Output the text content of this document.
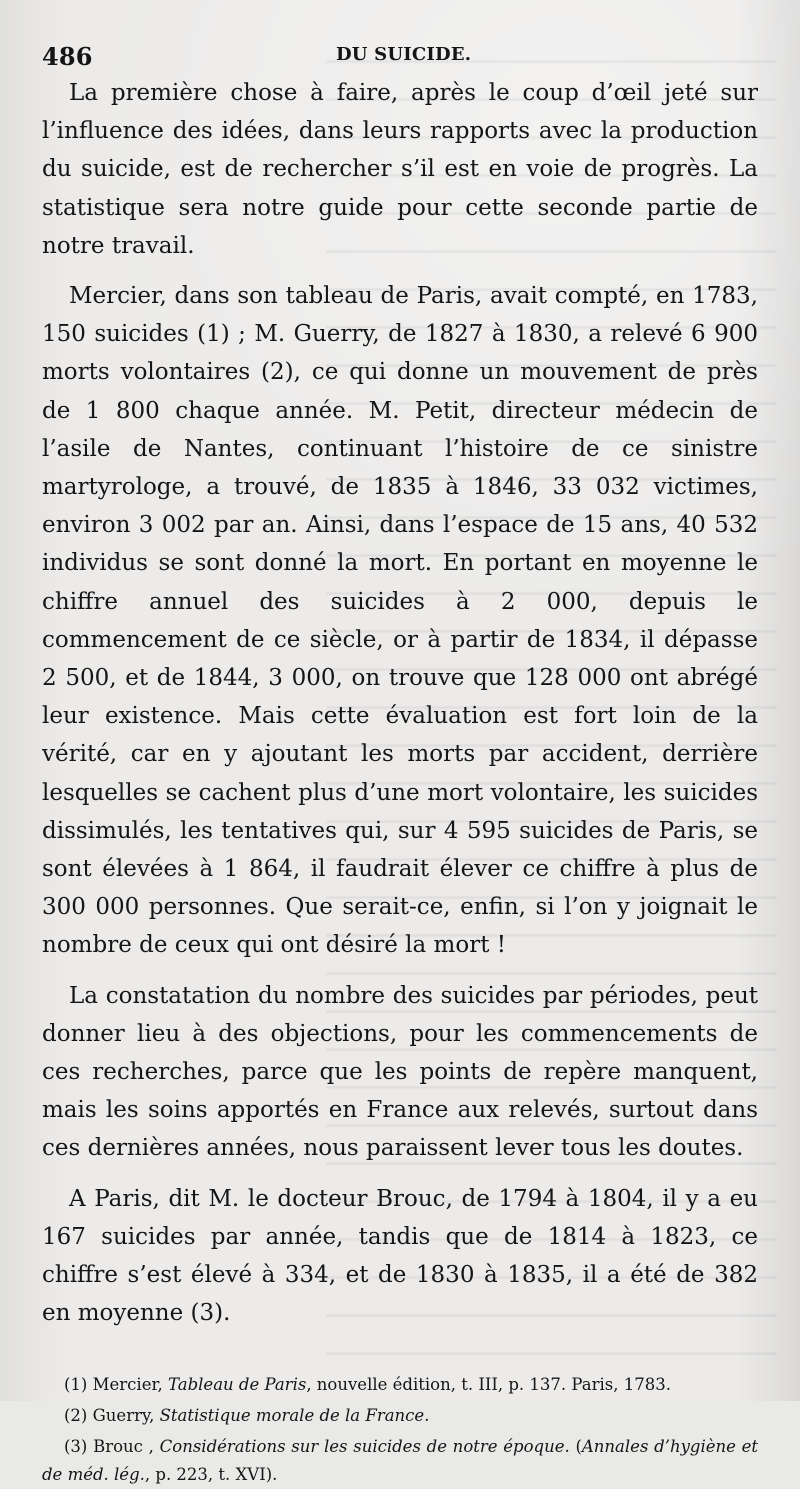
486	DU SUICIDE.

La première chose à faire, après le coup d’œil jeté sur l’influence des idées, dans leurs rapports avec la production du suicide, est de rechercher s’il est en voie de progrès. La statistique sera notre guide pour cette seconde partie de notre travail.

Mercier, dans son tableau de Paris, avait compté, en 1783, 150 suicides (1) ; M. Guerry, de 1827 à 1830, a relevé 6 900 morts volontaires (2), ce qui donne un mouvement de près de 1 800 chaque année. M. Petit, directeur médecin de l’asile de Nantes, continuant l’histoire de ce sinistre martyrologe, a trouvé, de 1835 à 1846, 33 032 victimes, environ 3 002 par an. Ainsi, dans l’espace de 15 ans, 40 532 individus se sont donné la mort. En portant en moyenne le chiffre annuel des suicides à 2 000, depuis le commencement de ce siècle, or à partir de 1834, il dépasse 2 500, et de 1844, 3 000, on trouve que 128 000 ont abrégé leur existence. Mais cette évaluation est fort loin de la vérité, car en y ajoutant les morts par accident, derrière lesquelles se cachent plus d’une mort volontaire, les suicides dissimulés, les tentatives qui, sur 4 595 suicides de Paris, se sont élevées à 1 864, il faudrait élever ce chiffre à plus de 300 000 personnes. Que serait-ce, enfin, si l’on y joignait le nombre de ceux qui ont désiré la mort !

La constatation du nombre des suicides par périodes, peut donner lieu à des objections, pour les commencements de ces recherches, parce que les points de repère manquent, mais les soins apportés en France aux relevés, surtout dans ces dernières années, nous paraissent lever tous les doutes.

A Paris, dit M. le docteur Brouc, de 1794 à 1804, il y a eu 167 suicides par année, tandis que de 1814 à 1823, ce chiffre s’est élevé à 334, et de 1830 à 1835, il a été de 382 en moyenne (3).

(1) Mercier, Tableau de Paris, nouvelle édition, t. III, p. 137. Paris, 1783.

(2) Guerry, Statistique morale de la France.

(3) Brouc , Considérations sur les suicides de notre époque. (Annales d’hygiène et de méd. lég., p. 223, t. XVI).
